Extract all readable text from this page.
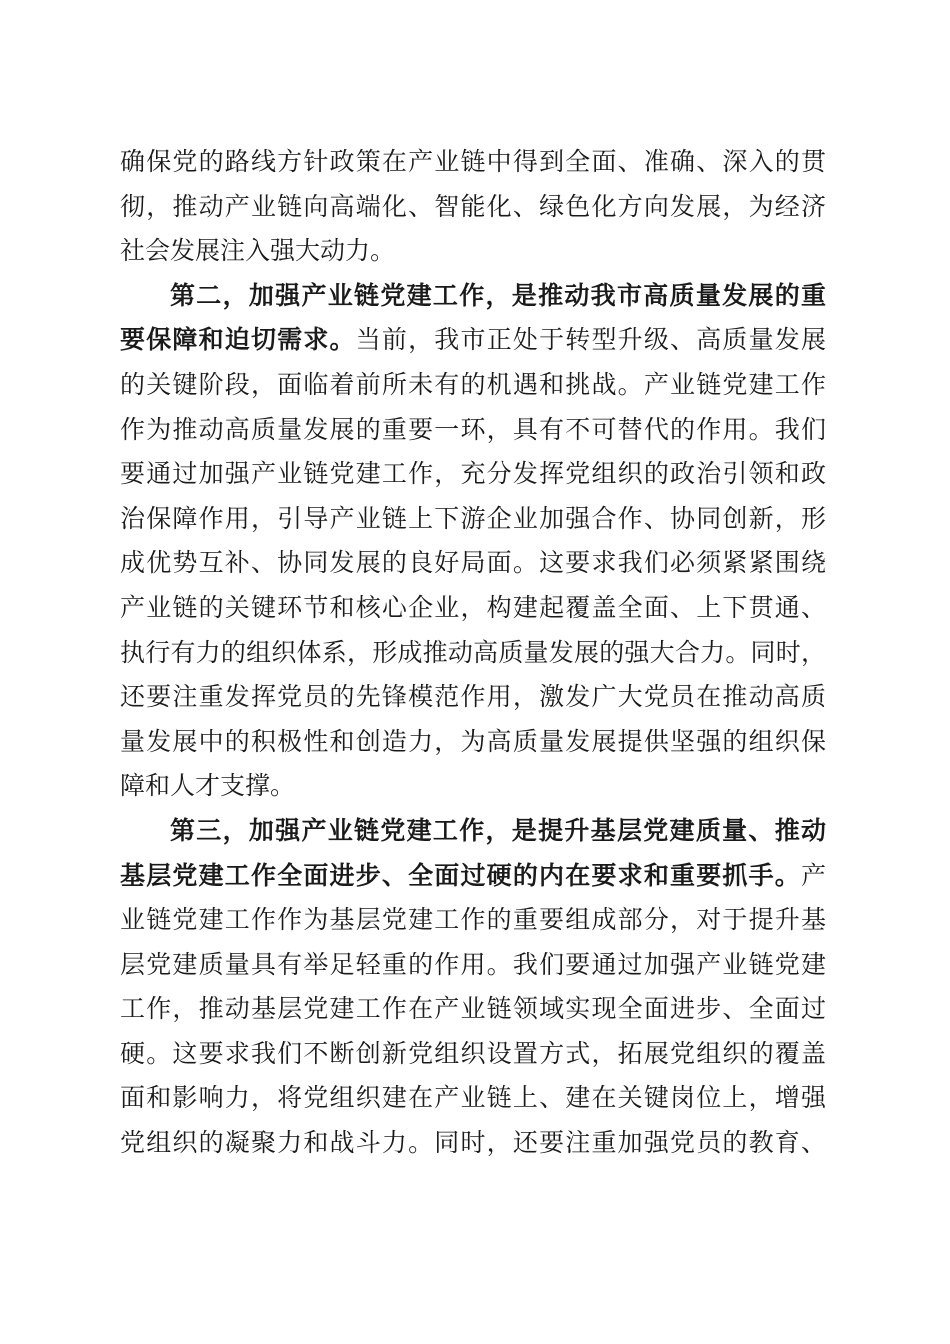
确保党的路线方针政策在产业链中得到全面、准确、深入的贯
彻，推动产业链向高端化、智能化、绿色化方向发展，为经济
社会发展注入强大动力。
第二，加强产业链党建工作，是推动我市高质量发展的重
要保障和迫切需求。当前，我市正处于转型升级、高质量发展
的关键阶段，面临着前所未有的机遇和挑战。产业链党建工作
作为推动高质量发展的重要一环，具有不可替代的作用。我们
要通过加强产业链党建工作，充分发挥党组织的政治引领和政
治保障作用，引导产业链上下游企业加强合作、协同创新，形
成优势互补、协同发展的良好局面。这要求我们必须紧紧围绕
产业链的关键环节和核心企业，构建起覆盖全面、上下贯通、
执行有力的组织体系，形成推动高质量发展的强大合力。同时，
还要注重发挥党员的先锋模范作用，激发广大党员在推动高质
量发展中的积极性和创造力，为高质量发展提供坚强的组织保
障和人才支撑。
第三，加强产业链党建工作，是提升基层党建质量、推动
基层党建工作全面进步、全面过硬的内在要求和重要抓手。产
业链党建工作作为基层党建工作的重要组成部分，对于提升基
层党建质量具有举足轻重的作用。我们要通过加强产业链党建
工作，推动基层党建工作在产业链领域实现全面进步、全面过
硬。这要求我们不断创新党组织设置方式，拓展党组织的覆盖
面和影响力，将党组织建在产业链上、建在关键岗位上，增强
党组织的凝聚力和战斗力。同时，还要注重加强党员的教育、
